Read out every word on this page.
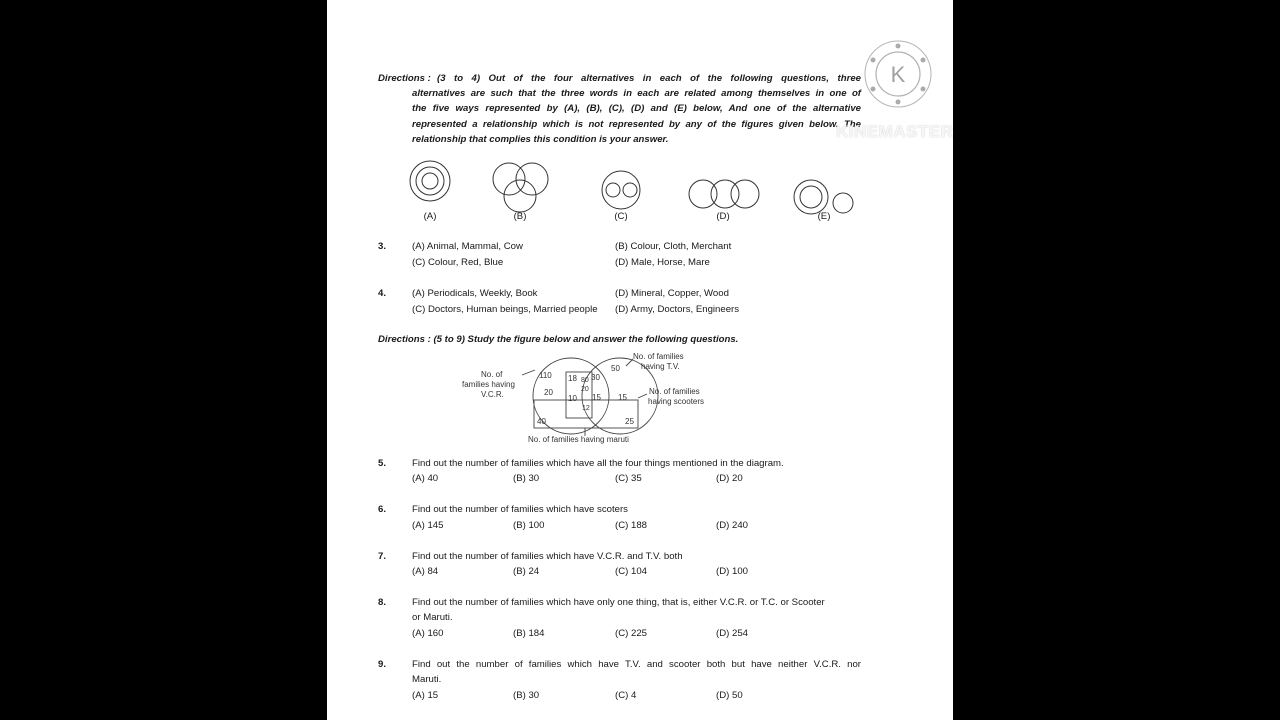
Directions : (3 to 4) Out of the four alternatives in each of the following questions, three
alternatives are such that the three words in each are related among themselves in one of
the five ways represented by (A), (B), (C), (D) and (E) below, And one of the alternative
represented a relationship which is not represented by any of the figures given below. The
relationship that complies this condition is your answer.
(A)	(B)	(C)	(D)	(E)
3.	(A) Animal, Mammal, Cow	(B) Colour, Cloth, Merchant
(C) Colour, Red, Blue	(D) Male, Horse, Mare
4.	(A) Periodicals, Weekly, Book	(D) Mineral, Copper, Wood
(C) Doctors, Human beings, Married people (D) Army, Doctors, Engineers
Directions : (5 to 9) Study the figure below and answer the following questions.
No. of
families having
V.C.R.
No. of families
having T.V.
No. of families
having scooters
No. of families having maruti
110 18 80 30
50
20	20
10 15
12
15
40	25
5.	Find out the number of families which have all the four things mentioned in the diagram.
(A) 40	(B) 30	(C) 35	(D) 20
6.	Find out the number of families which have scoters
(A) 145	(B) 100	(C) 188	(D) 240
7.	Find out the number of families which have V.C.R. and T.V. both
(A) 84	(B) 24	(C) 104	(D) 100
8.	Find out the number of families which have only one thing, that is, either V.C.R. or T.C. or Scooter
or Maruti.
(A) 160	(B) 184	(C) 225	(D) 254
9.	Find out the number of families which have T.V. and scooter both but have neither V.C.R. nor
Maruti.
(A) 15	(B) 30	(C) 4	(D) 50
K
KINEMASTER
